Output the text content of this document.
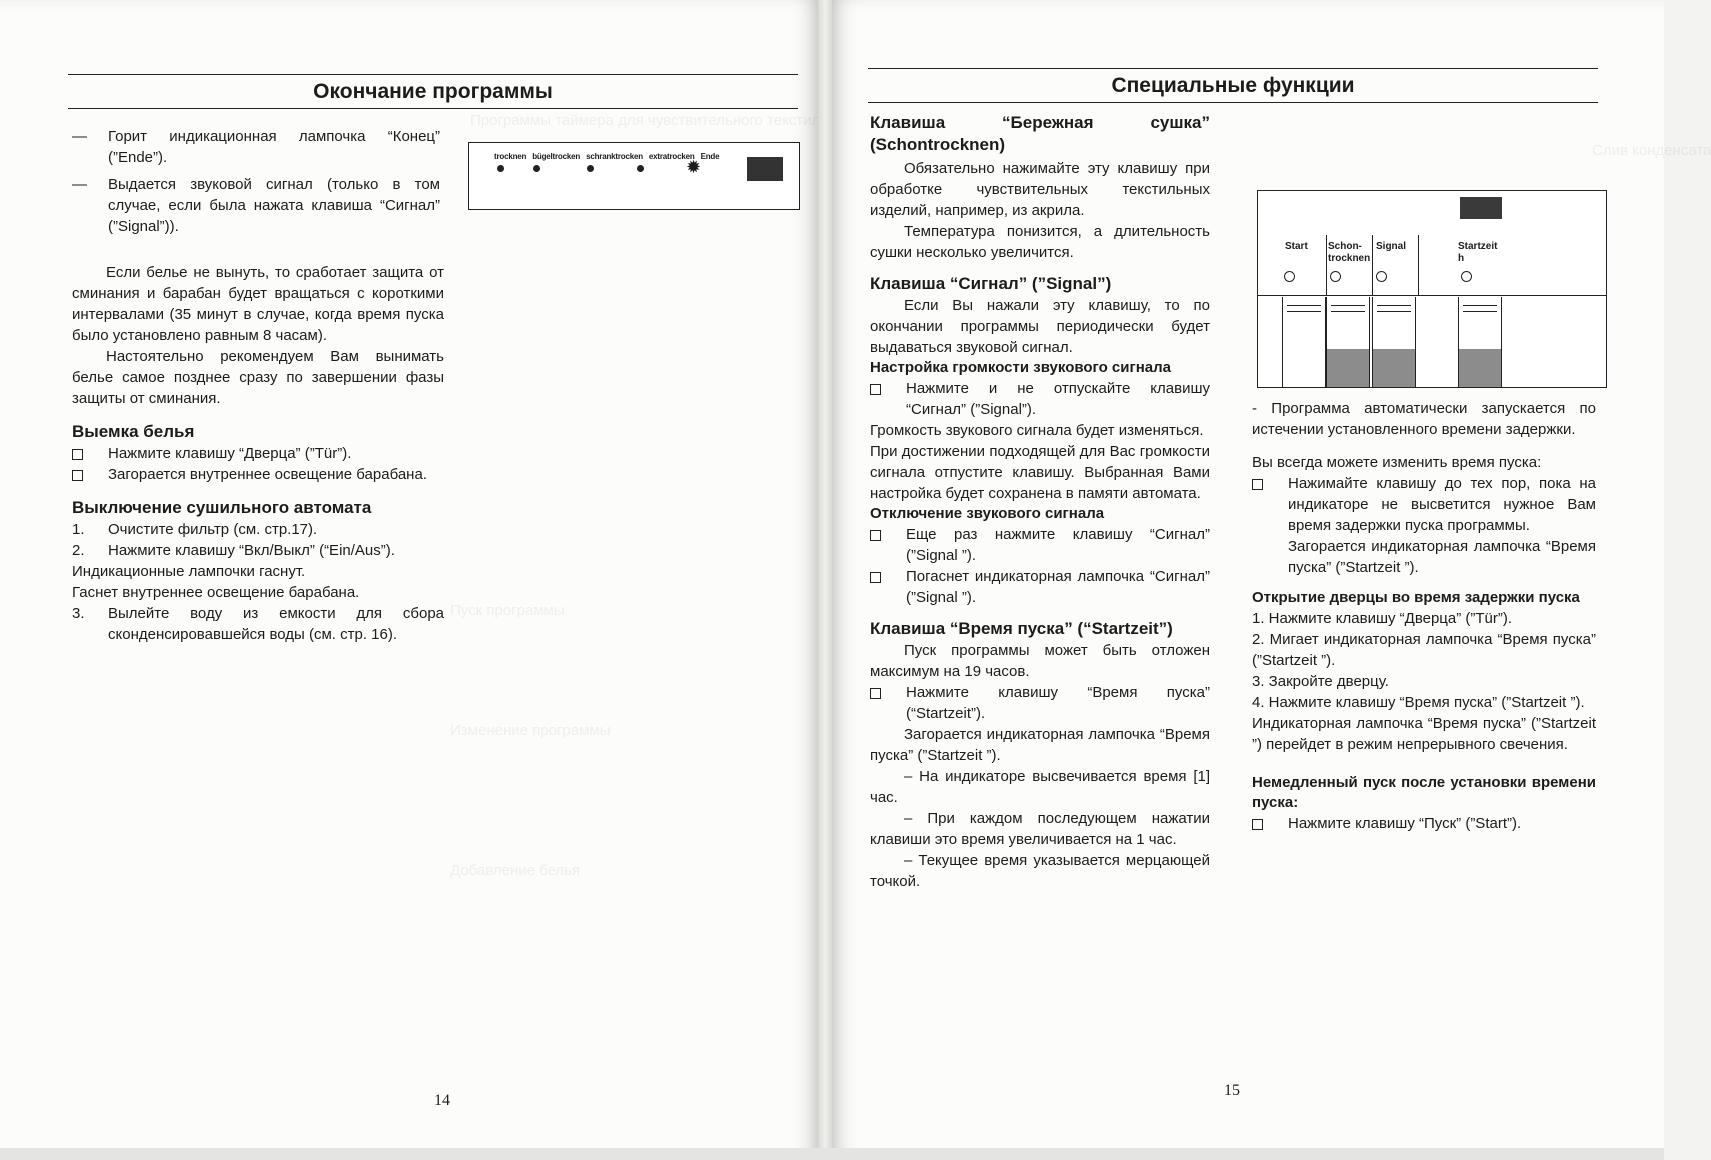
Программы таймера для чувствительного текстильного белья
Пуск программы
Изменение программы
Добавление белья
Окончание программы
trocknen bügeltrocken schranktrocken extratrocken Ende
✹

— Горит индикационная лампочка “Конец” (”Ende”).

— Выдается звуковой сигнал (только в том случае, если была нажата клавиша “Сигнал” (”Signal”)).

Если белье не вынуть, то сработает защита от сминания и барабан будет вращаться с короткими интервалами (35 минут в случае, когда время пуска было установлено равным 8 часам).

Настоятельно рекомендуем Вам вынимать белье самое позднее сразу по завершении фазы защиты от сминания.

Выемка белья

Нажмите клавишу “Дверца” (”Tür”).

Загорается внутреннее освещение барабана.

Выключение сушильного автомата

1. Очистите фильтр (см. стр.17).

2. Нажмите клавишу “Вкл/Выкл” (“Ein/Aus”).

Индикационные лампочки гаснут.

Гаснет внутреннее освещение барабана.

3. Вылейте воду из емкости для сбора сконденсировавшейся воды (см. стр. 16).

14
Слив конденсата
Специальные функции

Клавиша “Бережная сушка” (Schontrocknen)

Обязательно нажимайте эту клавишу при обработке чувствительных текстильных изделий, например, из акрила.

Температура понизится, а длительность сушки несколько увеличится.

Клавиша “Сигнал” (”Signal”)

Если Вы нажали эту клавишу, то по окончании программы периодически будет выдаваться звуковой сигнал.

Настройка громкости звукового сигнала

Нажмите и не отпускайте клавишу “Сигнал” (”Signal”).

Громкость звукового сигнала будет изменяться.

При достижении подходящей для Вас громкости сигнала отпустите клавишу. Выбранная Вами настройка будет сохранена в памяти автомата.

Отключение звукового сигнала

Еще раз нажмите клавишу “Сигнал” (”Signal ”).

Погаснет индикаторная лампочка “Сигнал” (”Signal ”).

Клавиша “Время пуска” (“Startzeit”)

Пуск программы может быть отложен максимум на 19 часов.

Нажмите клавишу “Время пуска” (“Startzeit”).

Загорается индикаторная лампочка “Время пуска” (”Startzeit ”).

– На индикаторе высвечивается время [1] час.

– При каждом последующем нажатии клавиши это время увеличивается на 1 час.

– Текущее время указывается мерцающей точкой.

Start Schon- trocknen
Signal	Startzeit h

- Программа автоматически запускается по истечении установленного времени задержки.

Вы всегда можете изменить время пуска:

Нажимайте клавишу до тех пор, пока на индикаторе не высветится нужное Вам время задержки пуска программы.

Загорается индикаторная лампочка “Время пуска” (”Startzeit ”).

Открытие дверцы во время задержки пуска

1. Нажмите клавишу “Дверца” (”Tür”).

2. Мигает индикаторная лампочка “Время пуска” (”Startzeit ”).

3. Закройте дверцу.

4. Нажмите клавишу “Время пуска” (”Startzeit ”).

Индикаторная лампочка “Время пуска” (”Startzeit ”) перейдет в режим непрерывного свечения.

Немедленный пуск после установки времени пуска:

Нажмите клавишу “Пуск” (”Start”).

15
